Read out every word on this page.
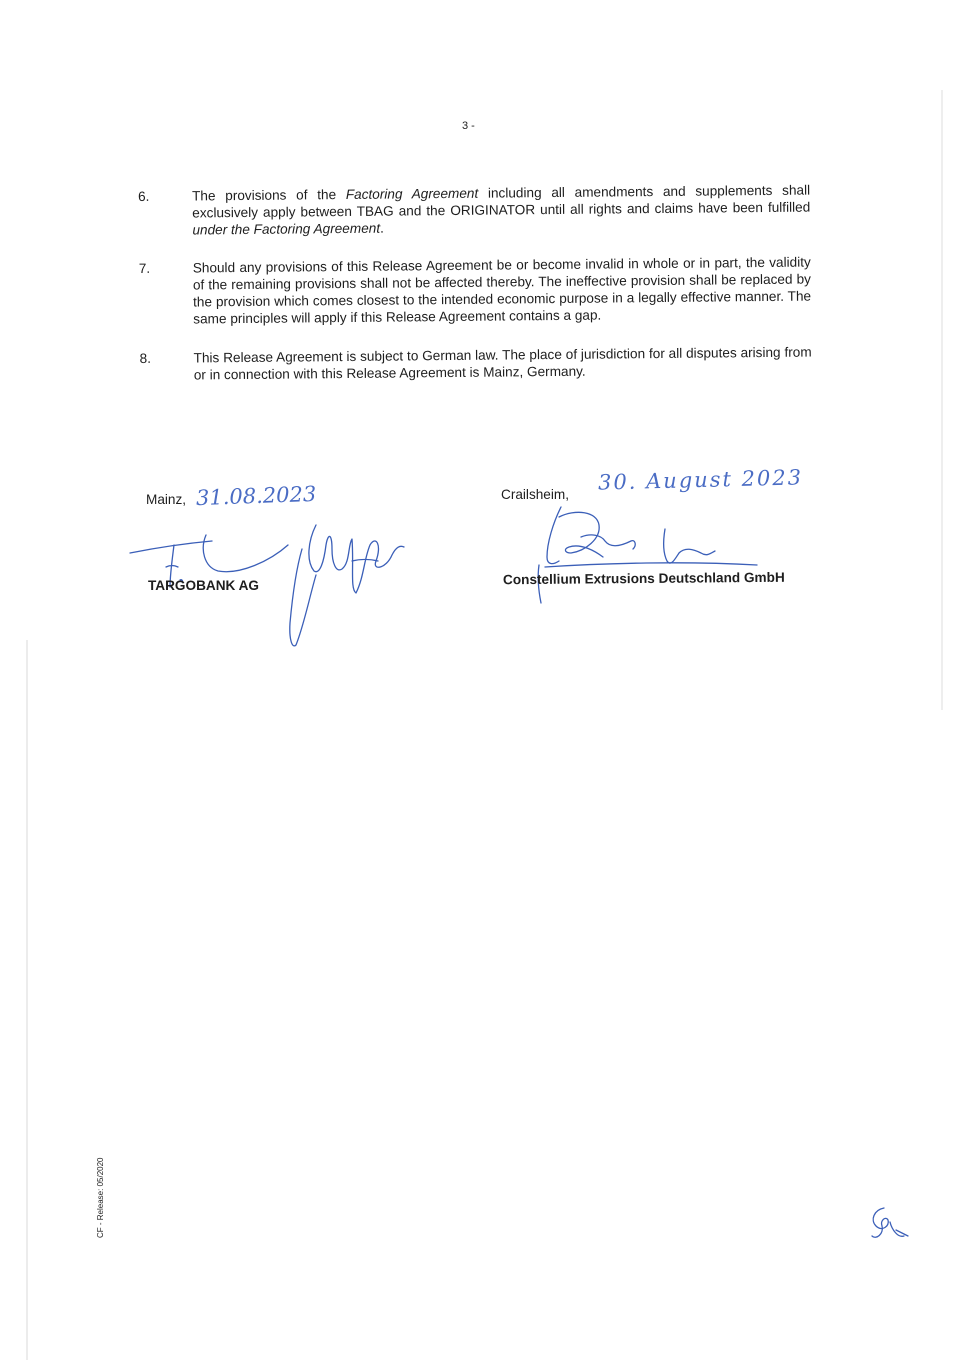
3 -
6.	The provisions of the Factoring Agreement including all amendments and supplements shall exclusively apply between TBAG and the ORIGINATOR until all rights and claims have been fulfilled under the Factoring Agreement.
7.	Should any provisions of this Release Agreement be or become invalid in whole or in part, the validity of the remaining provisions shall not be affected thereby. The ineffective provision shall be replaced by the provision which comes closest to the intended economic purpose in a legally effective manner. The same principles will apply if this Release Agreement contains a gap.
8.	This Release Agreement is subject to German law. The place of jurisdiction for all disputes arising from or in connection with this Release Agreement is Mainz, Germany.
Mainz, 31.08.2023
TARGOBANK AG
Crailsheim, 30. August 2023
Constellium Extrusions Deutschland GmbH
CF - Release: 05/2020
